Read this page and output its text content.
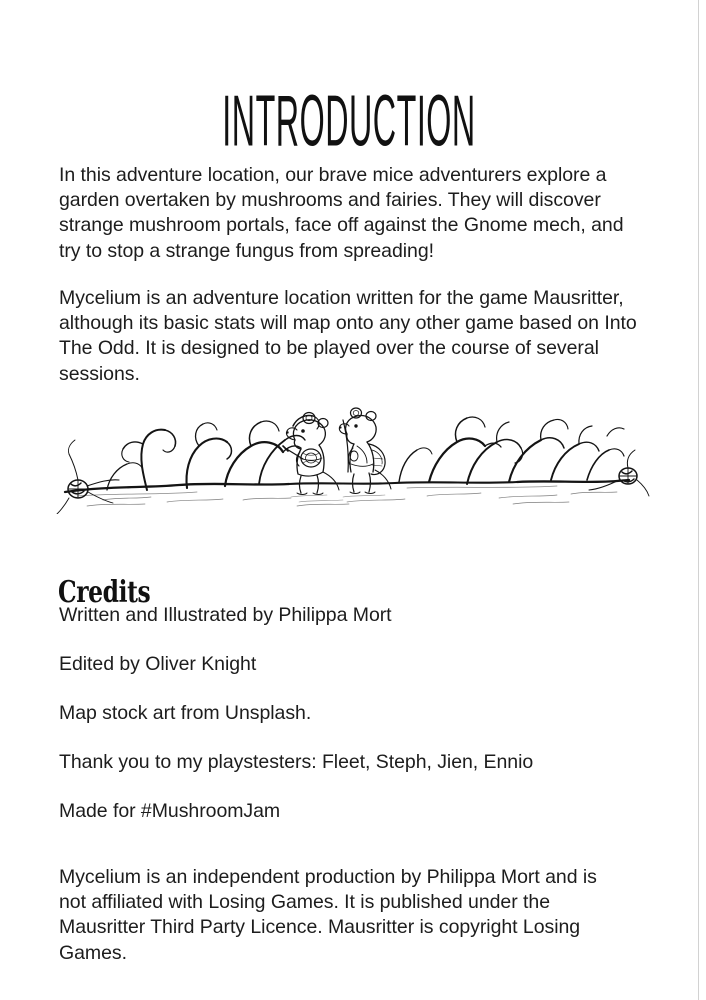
INTRODUCTION

In this adventure location, our brave mice adventurers explore a garden overtaken by mushrooms and fairies. They will discover strange mushroom portals, face off against the Gnome mech, and try to stop a strange fungus from spreading!

Mycelium is an adventure location written for the game Mausritter, although its basic stats will map onto any other game based on Into The Odd. It is designed to be played over the course of several sessions.

Credits
Written and Illustrated by Philippa Mort
Edited by Oliver Knight
Map stock art from Unsplash.
Thank you to my playstesters: Fleet, Steph, Jien, Ennio
Made for #MushroomJam

Mycelium is an independent production by Philippa Mort and is not affiliated with Losing Games. It is published under the Mausritter Third Party Licence. Mausritter is copyright Losing Games.
